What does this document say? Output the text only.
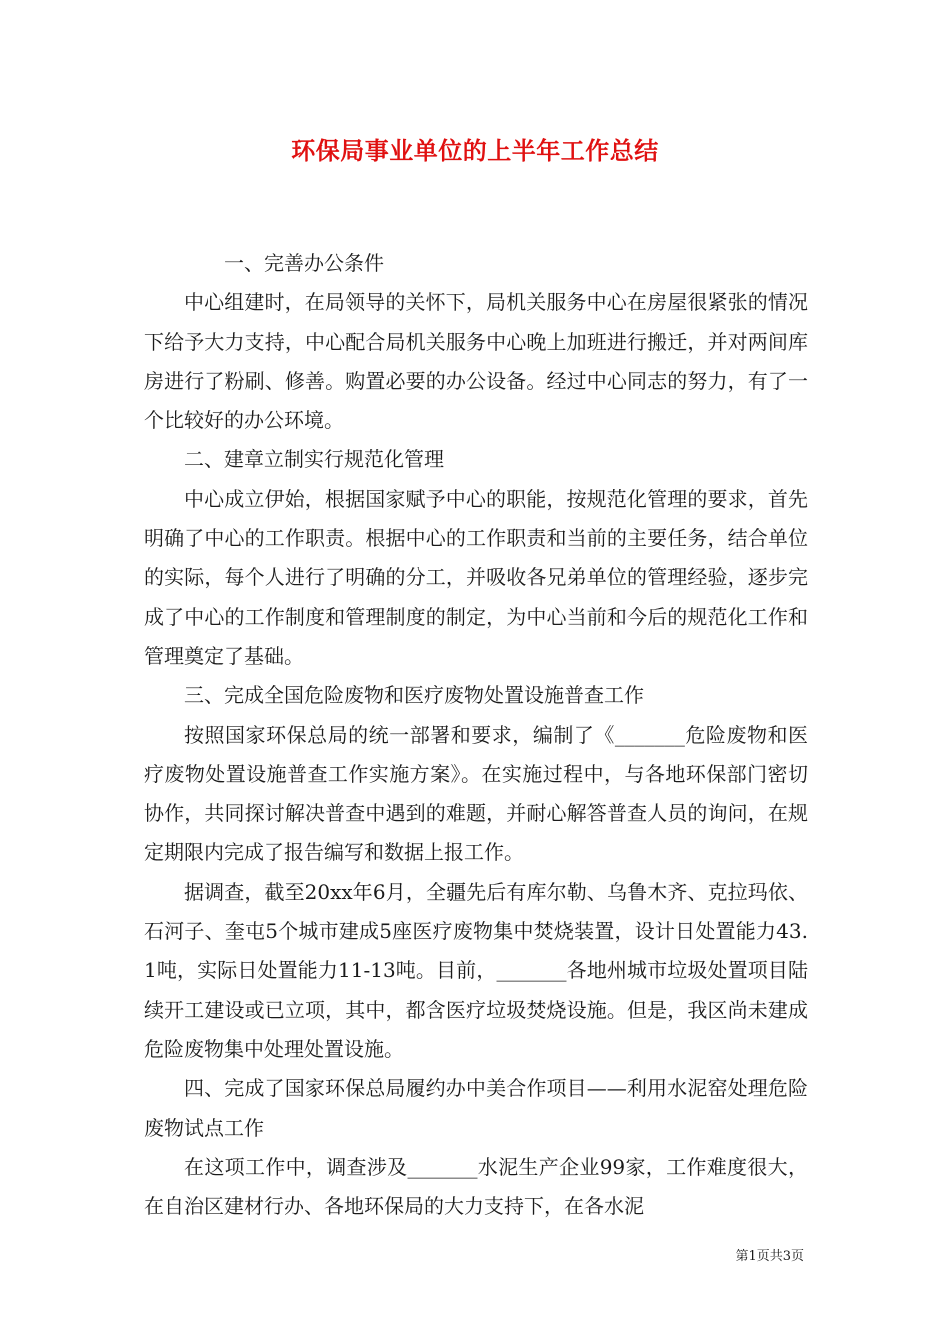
环保局事业单位的上半年工作总结

一、完善办公条件

中心组建时，在局领导的关怀下，局机关服务中心在房屋很紧张的情况下给予大力支持，中心配合局机关服务中心晚上加班进行搬迁，并对两间库房进行了粉刷、修善。购置必要的办公设备。经过中心同志的努力，有了一个比较好的办公环境。

二、建章立制实行规范化管理

中心成立伊始，根据国家赋予中心的职能，按规范化管理的要求，首先明确了中心的工作职责。根据中心的工作职责和当前的主要任务，结合单位的实际，每个人进行了明确的分工，并吸收各兄弟单位的管理经验，逐步完成了中心的工作制度和管理制度的制定，为中心当前和今后的规范化工作和管理奠定了基础。

三、完成全国危险废物和医疗废物处置设施普查工作

按照国家环保总局的统一部署和要求，编制了《_______危险废物和医疗废物处置设施普查工作实施方案》。在实施过程中，与各地环保部门密切协作，共同探讨解决普查中遇到的难题，并耐心解答普查人员的询问，在规定期限内完成了报告编写和数据上报工作。

据调查，截至20xx年6月，全疆先后有库尔勒、乌鲁木齐、克拉玛依、石河子、奎屯5个城市建成5座医疗废物集中焚烧装置，设计日处置能力43.1吨，实际日处置能力11-13吨。目前，_______各地州城市垃圾处置项目陆续开工建设或已立项，其中，都含医疗垃圾焚烧设施。但是，我区尚未建成危险废物集中处理处置设施。

四、完成了国家环保总局履约办中美合作项目——利用水泥窑处理危险废物试点工作

在这项工作中，调查涉及_______水泥生产企业99家，工作难度很大，在自治区建材行办、各地环保局的大力支持下，在各水泥

第1页共3页
